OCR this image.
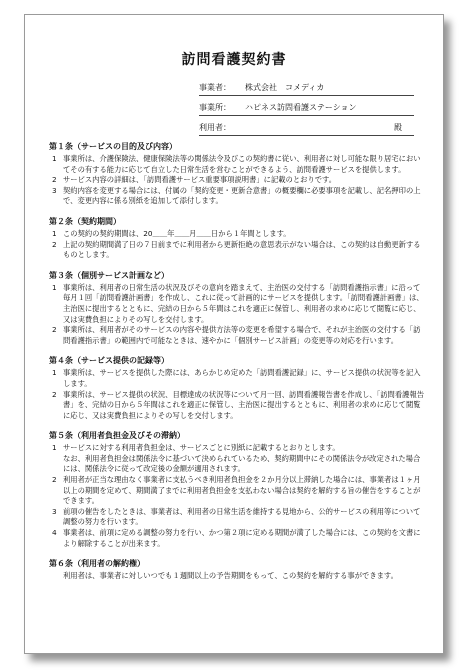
訪問看護契約書
事業者： 株式会社　コメディカ
事業所： ハピネス訪問看護ステーション
利用者：	殿
第１条（サービスの目的及び内容）
1 事業所は、介護保険法、健康保険法等の関係法令及びこの契約書に従い、利用者に対し可能な限り居宅においてその有する能力に応じて自立した日常生活を営むことができるよう、訪問看護サービスを提供します。
2 サービス内容の詳細は、「訪問看護サービス重要事項説明書」に記載のとおりです。
3 契約内容を変更する場合には、付属の「契約変更・更新合意書」の概要欄に必要事項を記載し、記名押印の上で、変更内容に係る別紙を追加して添付します。
第２条（契約期間）
1 この契約の契約期間は、20＿＿年＿＿月＿＿日から１年間とします。
2 上記の契約期間満了日の７日前までに利用者から更新拒絶の意思表示がない場合は、この契約は自動更新するものとします。
第３条（個別サービス計画など）
1 事業所は、利用者の日常生活の状況及びその意向を踏まえて、主治医の交付する「訪問看護指示書」に沿って毎月１回「訪問看護計画書」を作成し、これに従って計画的にサービスを提供します。「訪問看護計画書」は、主治医に提出するとともに、完結の日から５年間はこれを適正に保管し、利用者の求めに応じて閲覧に応じ、又は実費負担によりその写しを交付します。
2 事業所は、利用者がそのサービスの内容や提供方法等の変更を希望する場合で、それが主治医の交付する「訪問看護指示書」の範囲内で可能なときは、速やかに「個別サービス計画」の変更等の対応を行います。
第４条（サービス提供の記録等）
1 事業所は、サービスを提供した際には、あらかじめ定めた「訪問看護記録」に、サービス提供の状況等を記入します。
2 事業所は、サービス提供の状況、目標達成の状況等について月一回、訪問看護報告書を作成し、「訪問看護報告書」を、完結の日から５年間はこれを適正に保管し、主治医に提出するとともに、利用者の求めに応じて閲覧に応じ、又は実費負担によりその写しを交付します。
第５条（利用者負担金及びその滞納）
1 サービスに対する利用者負担金は、サービスごとに別紙に記載するとおりとします。
なお、利用者負担金は関係法令に基づいて決められているため、契約期間中にその関係法令が改定された場合には、関係法令に従って改定後の金額が適用されます。
2 利用者が正当な理由なく事業者に支払うべき利用者負担金を２か月分以上滞納した場合には、事業者は１ヶ月以上の期間を定めて、期間満了までに利用者負担金を支払わない場合は契約を解約する旨の催告をすることができます。
3 前項の催告をしたときは、事業者は、利用者の日常生活を維持する見地から、公的サービスの利用等について調整の努力を行います。
4 事業者は、前項に定める調整の努力を行い、かつ第２項に定める期間が満了した場合には、この契約を文書により解除することが出来ます。
第６条（利用者の解約権）
利用者は、事業者に対しいつでも１週間以上の予告期間をもって、この契約を解約する事ができます。
